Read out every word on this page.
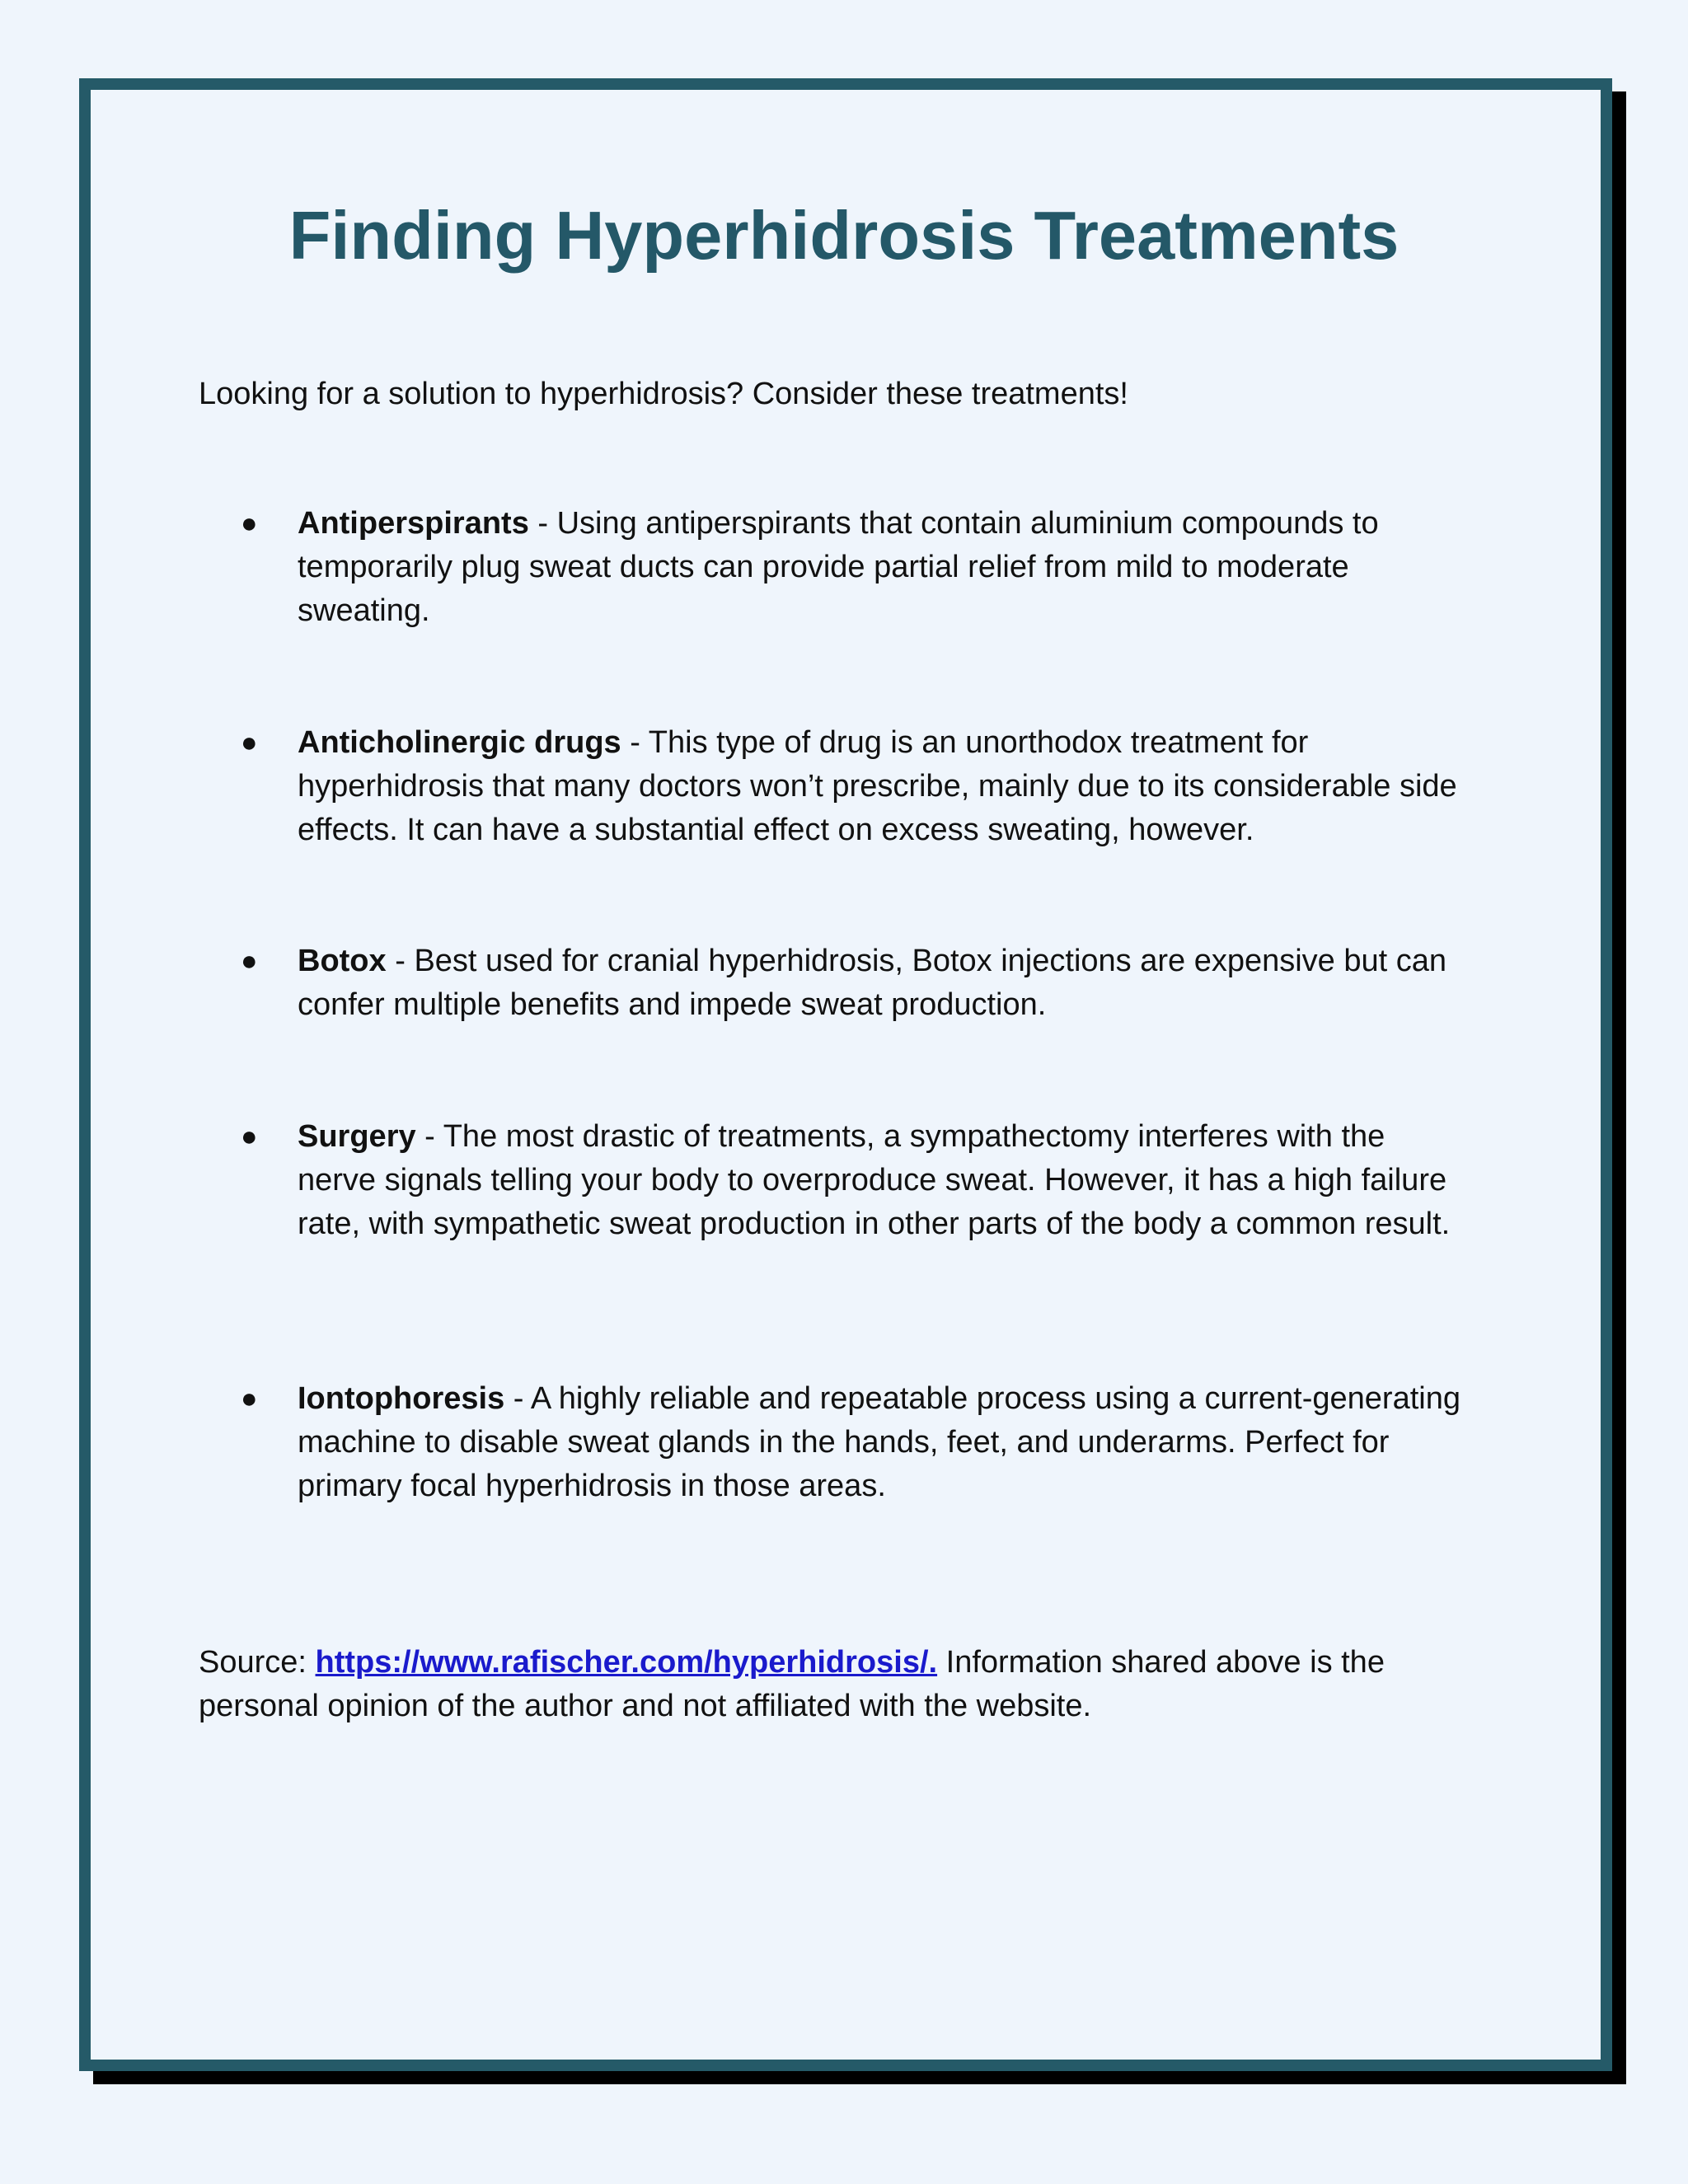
Finding Hyperhidrosis Treatments

Looking for a solution to hyperhidrosis? Consider these treatments!

● Antiperspirants - Using antiperspirants that contain aluminium compounds to temporarily plug sweat ducts can provide partial relief from mild to moderate sweating.
● Anticholinergic drugs - This type of drug is an unorthodox treatment for hyperhidrosis that many doctors won’t prescribe, mainly due to its considerable side effects. It can have a substantial effect on excess sweating, however.
● Botox - Best used for cranial hyperhidrosis, Botox injections are expensive but can confer multiple benefits and impede sweat production.
● Surgery - The most drastic of treatments, a sympathectomy interferes with the nerve signals telling your body to overproduce sweat. However, it has a high failure rate, with sympathetic sweat production in other parts of the body a common result.
● Iontophoresis - A highly reliable and repeatable process using a current-generating machine to disable sweat glands in the hands, feet, and underarms. Perfect for primary focal hyperhidrosis in those areas.

Source: https://www.rafischer.com/hyperhidrosis/. Information shared above is the personal opinion of the author and not affiliated with the website.
